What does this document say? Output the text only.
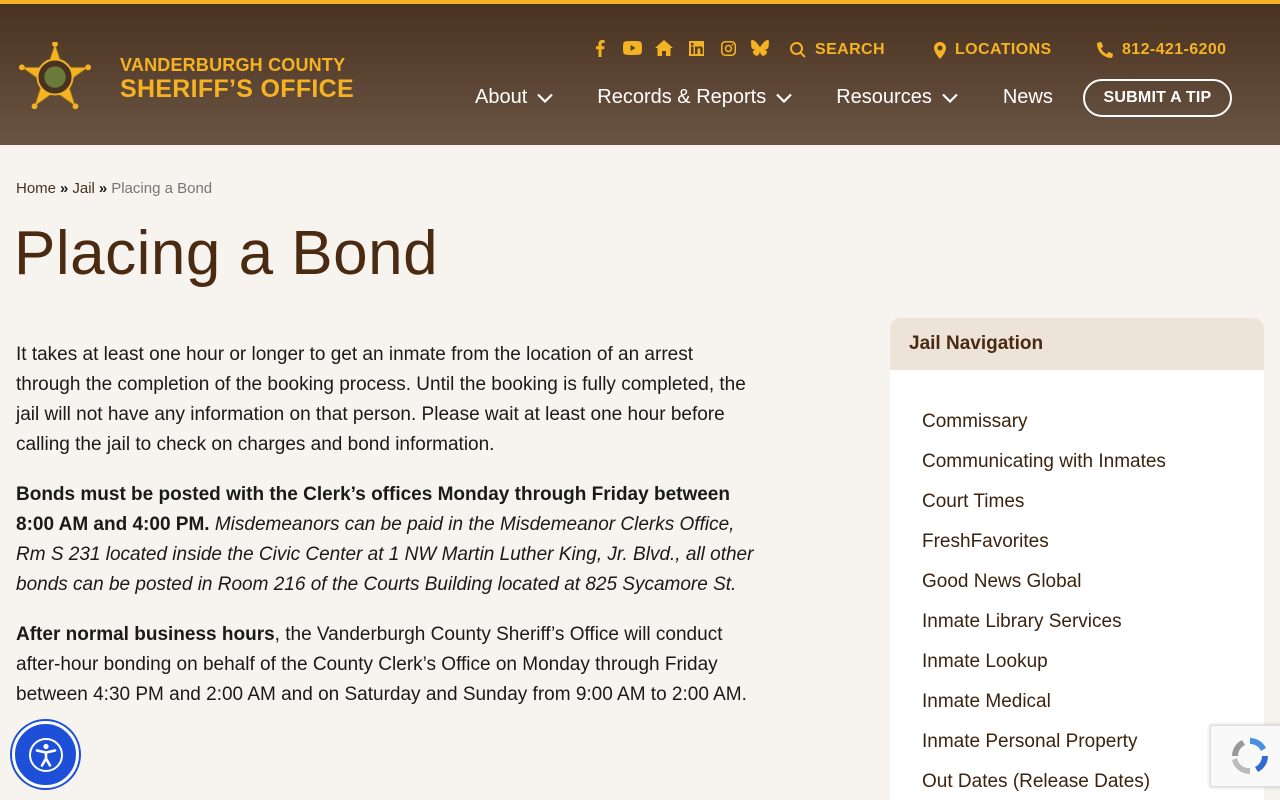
VANDERBURGH COUNTY
SHERIFF’S OFFICE
SEARCH	LOCATIONS	812-421-6200
About	Records & Reports	Resources	News	SUBMIT A TIP
Home » Jail » Placing a Bond
Placing a Bond

It takes at least one hour or longer to get an inmate from the location of an arrest through the completion of the booking process. Until the booking is fully completed, the jail will not have any information on that person. Please wait at least one hour before calling the jail to check on charges and bond information.

Bonds must be posted with the Clerk’s offices Monday through Friday between 8:00 AM and 4:00 PM. Misdemeanors can be paid in the Misdemeanor Clerks Office, Rm S 231 located inside the Civic Center at 1 NW Martin Luther King, Jr. Blvd., all other bonds can be posted in Room 216 of the Courts Building located at 825 Sycamore St.

After normal business hours, the Vanderburgh County Sheriff’s Office will conduct after-hour bonding on behalf of the County Clerk’s Office on Monday through Friday between 4:30 PM and 2:00 AM and on Saturday and Sunday from 9:00 AM to 2:00 AM.

Jail Navigation
Commissary
Communicating with Inmates
Court Times
FreshFavorites
Good News Global
Inmate Library Services
Inmate Lookup
Inmate Medical
Inmate Personal Property
Out Dates (Release Dates)
